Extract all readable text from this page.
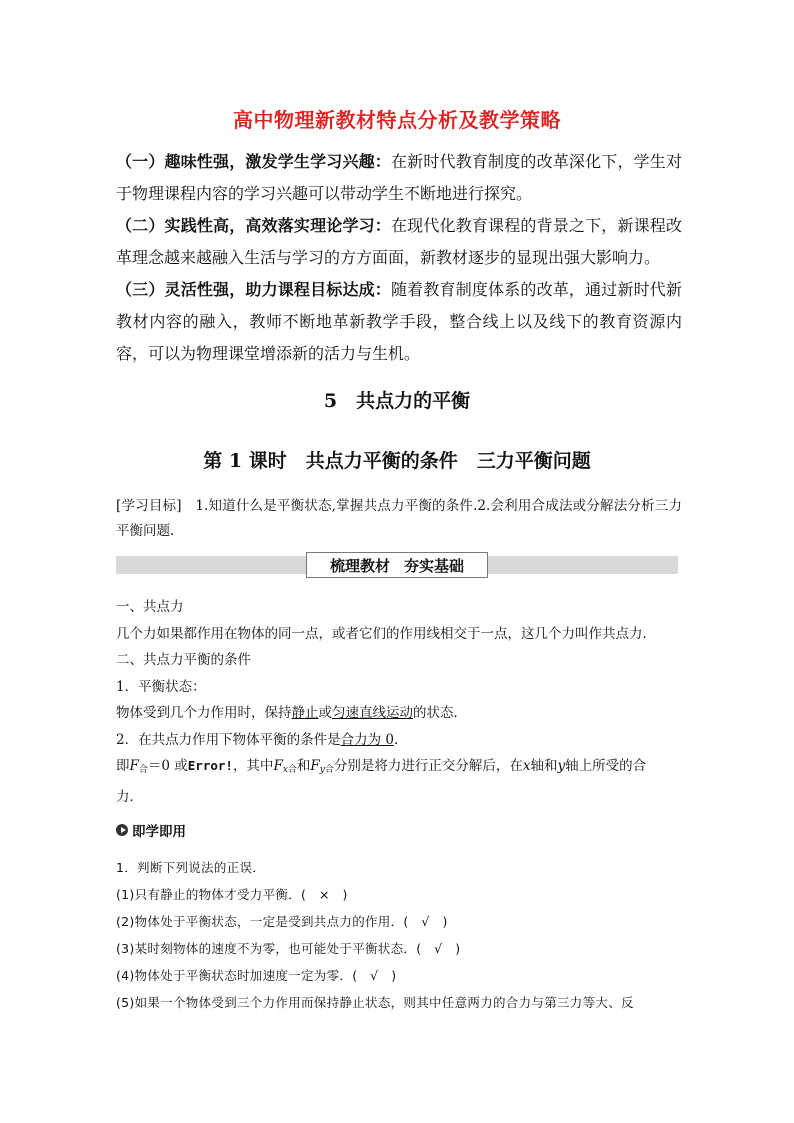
高中物理新教材特点分析及教学策略

（一）趣味性强，激发学生学习兴趣：在新时代教育制度的改革深化下，学生对于物理课程内容的学习兴趣可以带动学生不断地进行探究。

（二）实践性高，高效落实理论学习：在现代化教育课程的背景之下，新课程改革理念越来越融入生活与学习的方方面面，新教材逐步的显现出强大影响力。

（三）灵活性强，助力课程目标达成：随着教育制度体系的改革，通过新时代新教材内容的融入，教师不断地革新教学手段，整合线上以及线下的教育资源内容，可以为物理课堂增添新的活力与生机。

5　共点力的平衡
第 1 课时　共点力平衡的条件　三力平衡问题
[学习目标]　1.知道什么是平衡状态,掌握共点力平衡的条件.2.会利用合成法或分解法分析三力平衡问题.
梳理教材 夯实基础

一、共点力

几个力如果都作用在物体的同一点，或者它们的作用线相交于一点，这几个力叫作共点力．

二、共点力平衡的条件

1．平衡状态：

物体受到几个力作用时，保持静止或匀速直线运动的状态．

2．在共点力作用下物体平衡的条件是合力为 0.

即$F_合=0$ 或Error!，其中$F_{x合}$和$F_{y合}$分别是将力进行正交分解后，在x轴和y轴上所受的合

力．

即学即用

1．判断下列说法的正误．

(1)只有静止的物体才受力平衡．(　×　)

(2)物体处于平衡状态，一定是受到共点力的作用．(　√　)

(3)某时刻物体的速度不为零，也可能处于平衡状态．(　√　)

(4)物体处于平衡状态时加速度一定为零．(　√　)

(5)如果一个物体受到三个力作用而保持静止状态，则其中任意两力的合力与第三力等大、反
